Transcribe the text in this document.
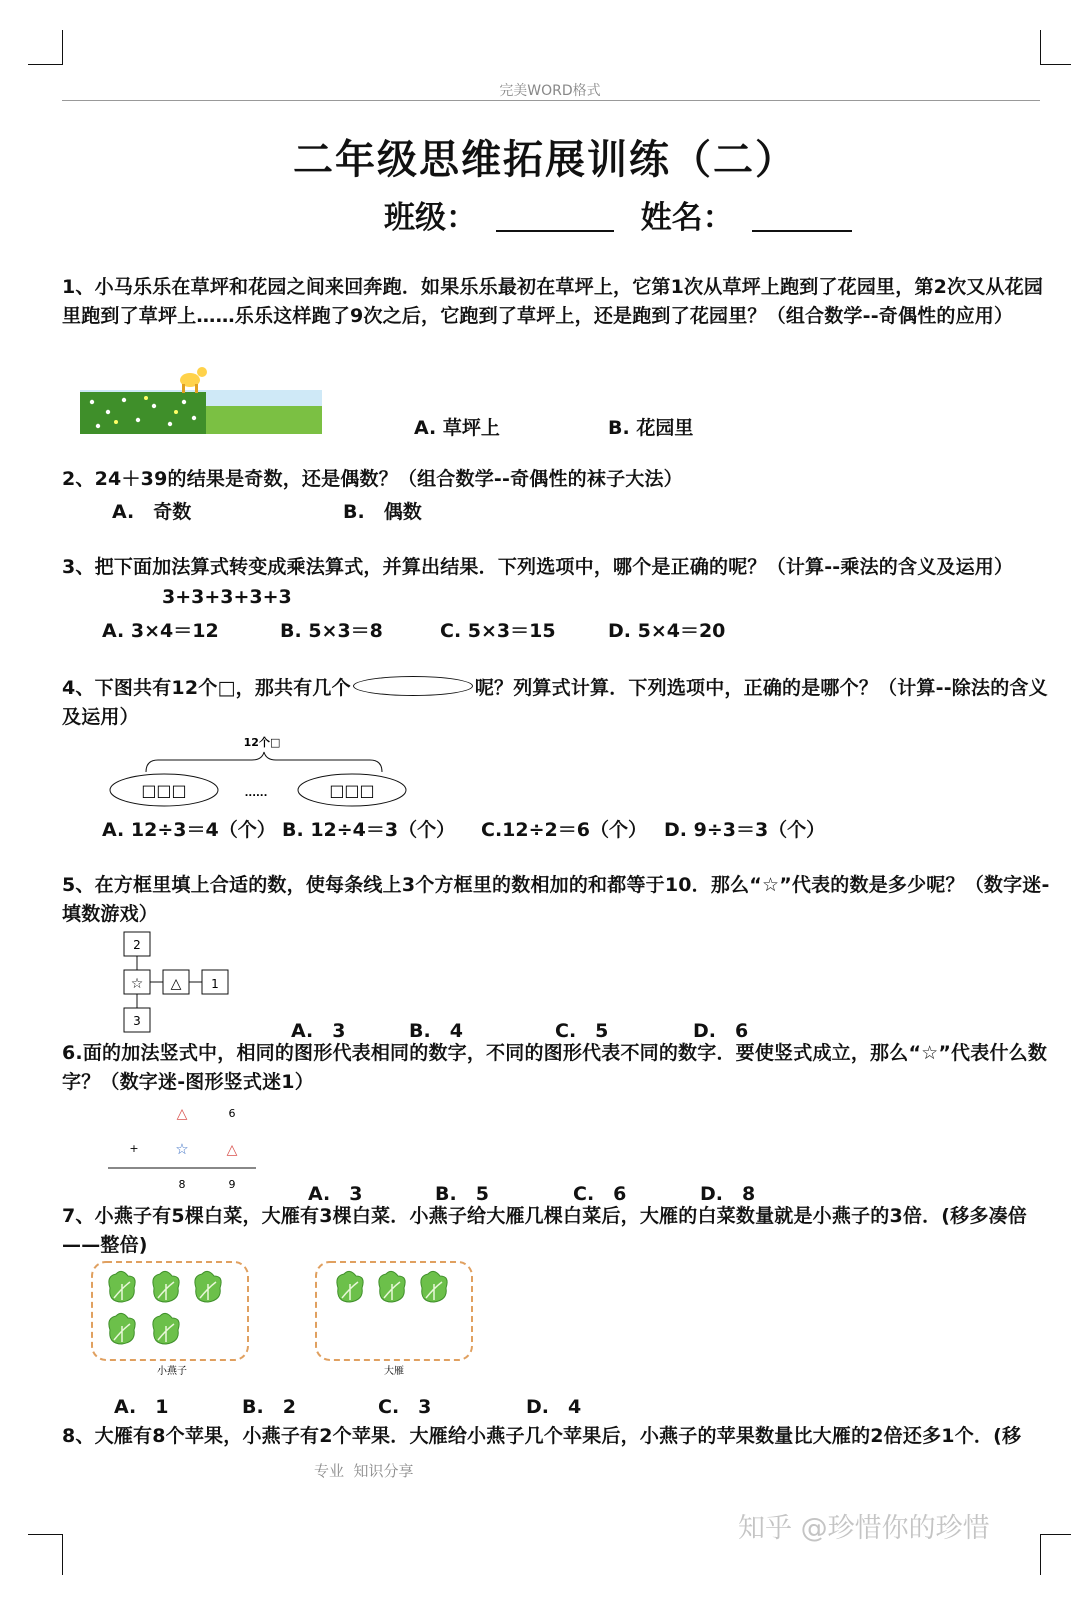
完美WORD格式
二年级思维拓展训练（二）
班级：	姓名：
1、小马乐乐在草坪和花园之间来回奔跑．如果乐乐最初在草坪上，它第1次从草坪上跑到了花园里，第2次又从花园里跑到了草坪上……乐乐这样跑了9次之后，它跑到了草坪上，还是跑到了花园里？（组合数学--奇偶性的应用）
A. 草坪上	B. 花园里
2、24＋39的结果是奇数，还是偶数？（组合数学--奇偶性的袜子大法）
A.　奇数	B.　偶数
3、把下面加法算式转变成乘法算式，并算出结果．下列选项中，哪个是正确的呢？（计算--乘法的含义及运用）
3+3+3+3+3
A. 3×4＝12	B. 5×3＝8	C. 5×3＝15	D. 5×4＝20
4、下图共有12个□，那共有几个	呢？列算式计算．下列选项中，正确的是哪个？（计算--除法的含义及运用）
12个□
□□□	......	□□□
A. 12÷3＝4（个） B. 12÷4＝3（个） C.12÷2＝6（个） D. 9÷3＝3（个）
5、在方框里填上合适的数，使每条线上3个方框里的数相加的和都等于10．那么“☆”代表的数是多少呢？（数字迷-填数游戏）
2
☆ △ 1
3	A.　3	B.　4	C.　5	D.　6
6.面的加法竖式中，相同的图形代表相同的数字，不同的图形代表不同的数字．要使竖式成立，那么“☆”代表什么数字？（数字迷-图形竖式迷1）
△	6
+ ☆	△
8	9	A.　3	B.　5	C.　6	D.　8
7、小燕子有5棵白菜，大雁有3棵白菜．小燕子给大雁几棵白菜后，大雁的白菜数量就是小燕子的3倍．(移多凑倍——整倍)
小燕子	大雁
A.　1	B.　2	C.　3	D.　4
8、大雁有8个苹果，小燕子有2个苹果．大雁给小燕子几个苹果后，小燕子的苹果数量比大雁的2倍还多1个．(移
专业  知识分享
知乎 @珍惜你的珍惜
